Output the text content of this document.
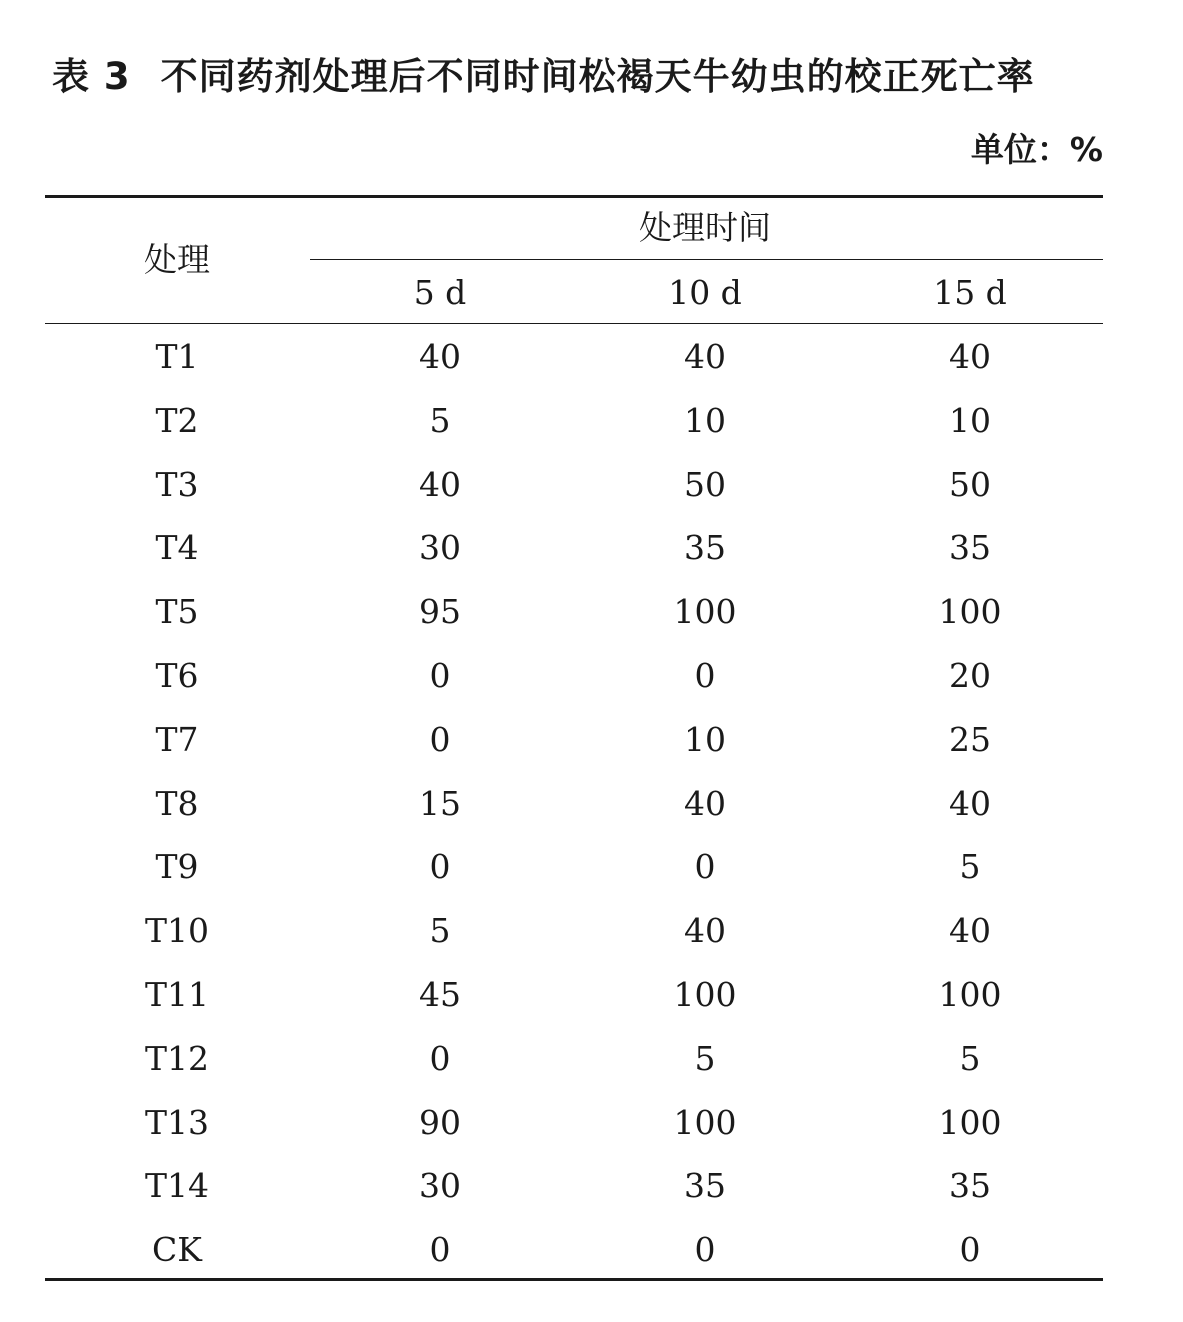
表 3 不同药剂处理后不同时间松褐天牛幼虫的校正死亡率
单位：%
处理
处理时间
5 d	10 d	15 d
T1	40	40	40
T2	5	10	10
T3	40	50	50
T4	30	35	35
T5	95	100	100
T6	0	0	20
T7	0	10	25
T8	15	40	40
T9	0	0	5
T10	5	40	40
T11	45	100	100
T12	0	5	5
T13	90	100	100
T14	30	35	35
CK	0	0	0
